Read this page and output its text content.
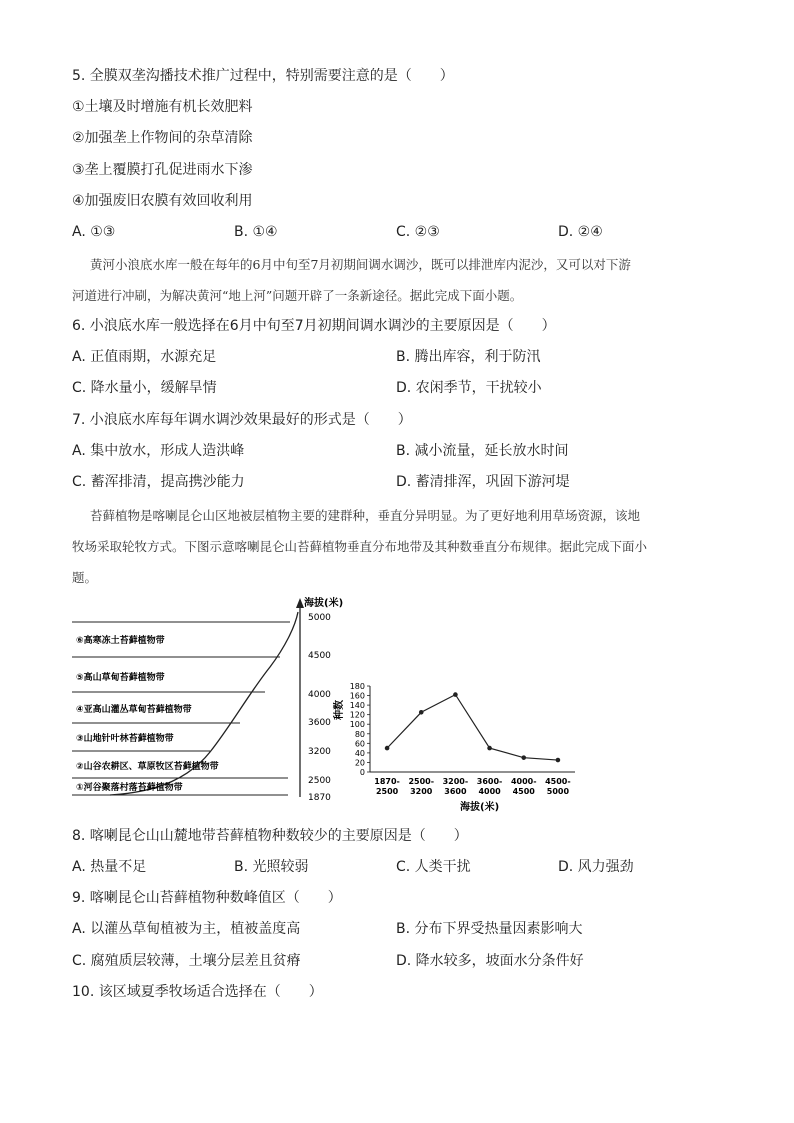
5. 全膜双垄沟播技术推广过程中，特别需要注意的是（　　）
①土壤及时增施有机长效肥料
②加强垄上作物间的杂草清除
③垄上覆膜打孔促进雨水下渗
④加强废旧农膜有效回收利用
A. ①③	B. ①④	C. ②③	D. ②④
黄河小浪底水库一般在每年的6月中旬至7月初期间调水调沙，既可以排泄库内泥沙，又可以对下游
河道进行冲刷，为解决黄河“地上河”问题开辟了一条新途径。据此完成下面小题。
6. 小浪底水库一般选择在6月中旬至7月初期间调水调沙的主要原因是（　　）
A. 正值雨期，水源充足	B. 腾出库容，利于防汛
C. 降水量小，缓解旱情	D. 农闲季节，干扰较小
7. 小浪底水库每年调水调沙效果最好的形式是（　　）
A. 集中放水，形成人造洪峰	B. 减小流量，延长放水时间
C. 蓄浑排清，提高携沙能力	D. 蓄清排浑，巩固下游河堤
苔藓植物是喀喇昆仑山区地被层植物主要的建群种，垂直分异明显。为了更好地利用草场资源，该地
牧场采取轮牧方式。下图示意喀喇昆仑山苔藓植物垂直分布地带及其种数垂直分布规律。据此完成下面小
题。
海拔(米)
5000
4500
4000
3600
3200
2500
1870
⑥高寒冻土苔藓植物带
⑤高山草甸苔藓植物带
④亚高山灌丛草甸苔藓植物带
③山地针叶林苔藓植物带
②山谷农耕区、草原牧区苔藓植物带
①河谷聚落村落苔藓植物带
种数
0
20
40
60
80
100
120
140
160
180
1870-
2500
2500-
3200
3200-
3600
3600-
4000
4000-
4500
4500-
5000
海拔(米)
8. 喀喇昆仑山山麓地带苔藓植物种数较少的主要原因是（　　）
A. 热量不足	B. 光照较弱	C. 人类干扰	D. 风力强劲
9. 喀喇昆仑山苔藓植物种数峰值区（　　）
A. 以灌丛草甸植被为主，植被盖度高	B. 分布下界受热量因素影响大
C. 腐殖质层较薄，土壤分层差且贫瘠	D. 降水较多，坡面水分条件好
10. 该区域夏季牧场适合选择在（　　）
